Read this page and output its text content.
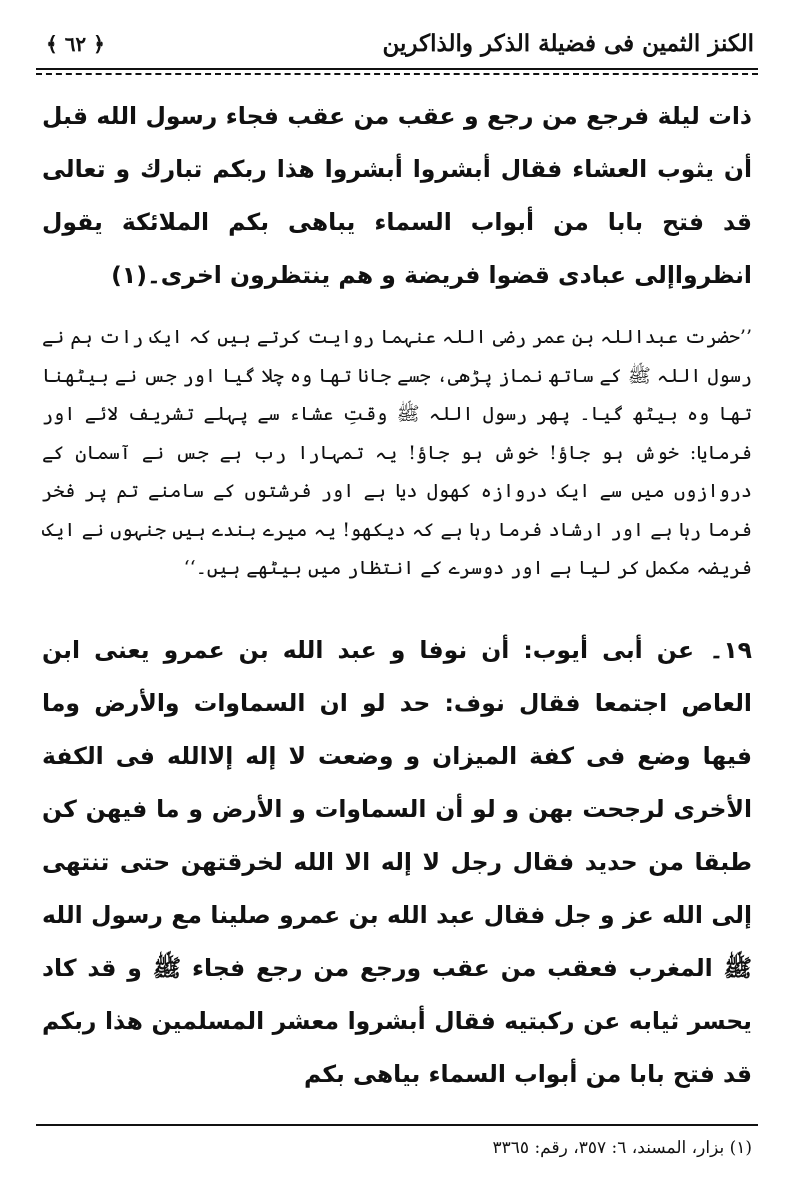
الكنز الثمين فى فضيلة الذكر والذاكرين
﴿ ٦٢ ﴾
ذات ليلة فرجع من رجع و عقب من عقب فجاء رسول الله قبل أن يثوب العشاء فقال أبشروا أبشروا هذا ربكم تبارك و تعالى قد فتح بابا من أبواب السماء يباهى بكم الملائكة يقول انظرواإلى عبادى قضوا فريضة و هم ينتظرون اخرى۔(١)
’’حضرت عبداللہ بن عمر رضی اللہ عنہما روایت کرتے ہیں کہ ایک رات ہم نے رسول اللہ ﷺ کے ساتھ نماز پڑھی، جسے جانا تھا وہ چلا گیا اور جس نے بیٹھنا تھا وہ بیٹھ گیا۔ پھر رسول اللہ ﷺ وقتِ عشاء سے پہلے تشریف لائے اور فرمایا: خوش ہو جاؤ! خوش ہو جاؤ! یہ تمہارا رب ہے جس نے آسمان کے دروازوں میں سے ایک دروازہ کھول دیا ہے اور فرشتوں کے سامنے تم پر فخر فرما رہا ہے اور ارشاد فرما رہا ہے کہ دیکھو! یہ میرے بندے ہیں جنہوں نے ایک فریضہ مکمل کر لیا ہے اور دوسرے کے انتظار میں بیٹھے ہیں۔‘‘
١٩۔عن أبى أيوب: أن نوفا و عبد الله بن عمرو يعنى ابن العاص اجتمعا فقال نوف: حد لو ان السماوات والأرض وما فيها وضع فى كفة الميزان و وضعت لا إله إلاالله فى الكفة الأخرى لرجحت بهن و لو أن السماوات و الأرض و ما فيهن كن طبقا من حديد فقال رجل لا إله الا الله لخرقتهن حتى تنتهى إلى الله عز و جل فقال عبد الله بن عمرو صلينا مع رسول الله ﷺ المغرب فعقب من عقب ورجع من رجع فجاء ﷺ و قد كاد يحسر ثيابه عن ركبتيه فقال أبشروا معشر المسلمين هذا ربكم قد فتح بابا من أبواب السماء بياهى بكم
(١) بزار، المسند، ٦: ٣٥٧، رقم: ٣٣٦٥
